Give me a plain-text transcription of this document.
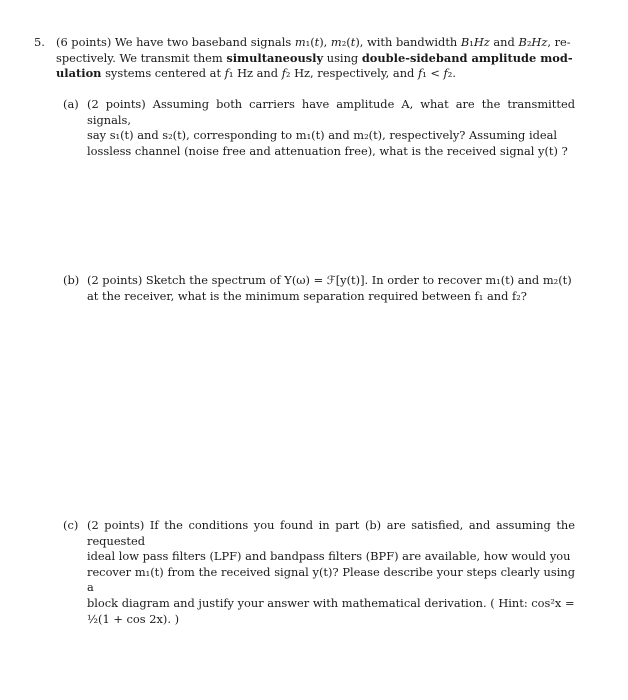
5. (6 points) We have two baseband signals m₁(t), m₂(t), with bandwidth B₁Hz and B₂Hz, re-
spectively. We transmit them simultaneously using double-sideband amplitude mod-
ulation systems centered at f₁ Hz and f₂ Hz, respectively, and f₁ < f₂.
(a) (2 points) Assuming both carriers have amplitude A, what are the transmitted signals,
say s₁(t) and s₂(t), corresponding to m₁(t) and m₂(t), respectively? Assuming ideal
lossless channel (noise free and attenuation free), what is the received signal y(t) ?
(b) (2 points) Sketch the spectrum of Y(ω) = ℱ[y(t)]. In order to recover m₁(t) and m₂(t)
at the receiver, what is the minimum separation required between f₁ and f₂?
(c) (2 points) If the conditions you found in part (b) are satisfied, and assuming the requested
ideal low pass filters (LPF) and bandpass filters (BPF) are available, how would you
recover m₁(t) from the received signal y(t)? Please describe your steps clearly using a
block diagram and justify your answer with mathematical derivation. ( Hint: cos²x =
½(1 + cos 2x). )
